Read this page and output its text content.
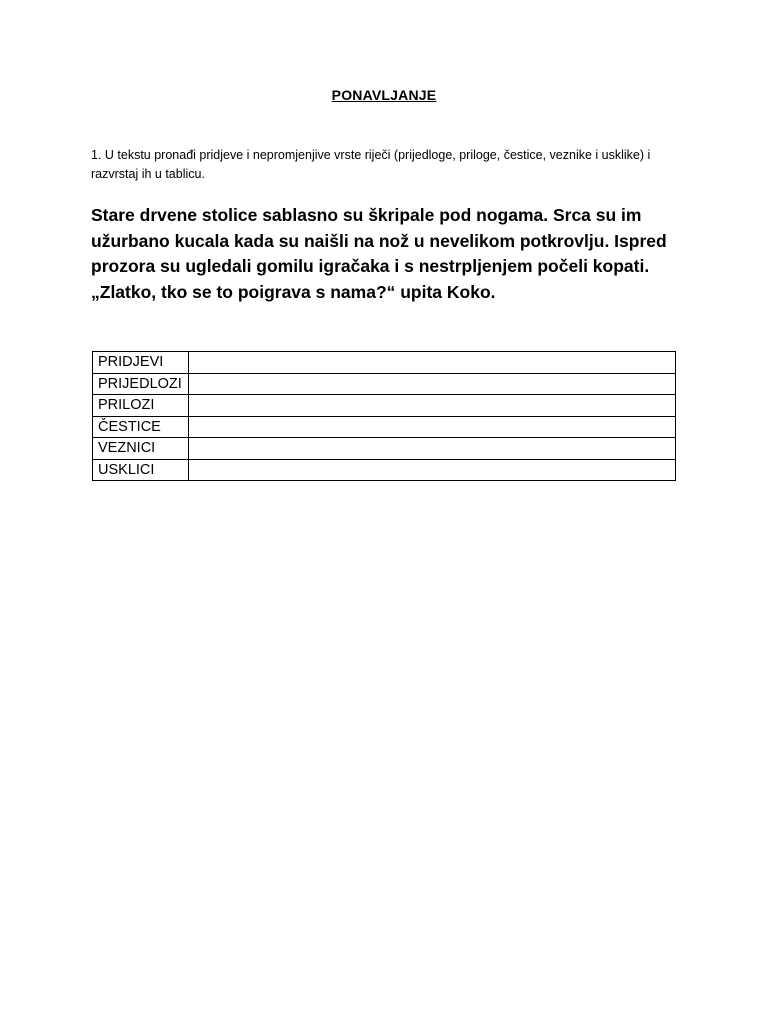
PONAVLJANJE
1. U tekstu pronađi pridjeve i nepromjenjive vrste riječi (prijedloge, priloge, čestice, veznike i usklike) i razvrstaj ih u tablicu.
Stare drvene stolice sablasno su škripale pod nogama. Srca su im užurbano kucala kada su naišli na nož u nevelikom potkrovlju. Ispred prozora su ugledali gomilu igračaka i s nestrpljenjem počeli kopati. „Zlatko, tko se to poigrava s nama?“ upita Koko.
PRIDJEVI	
PRIJEDLOZI	
PRILOZI	
ČESTICE	
VEZNICI	
USKLICI	
